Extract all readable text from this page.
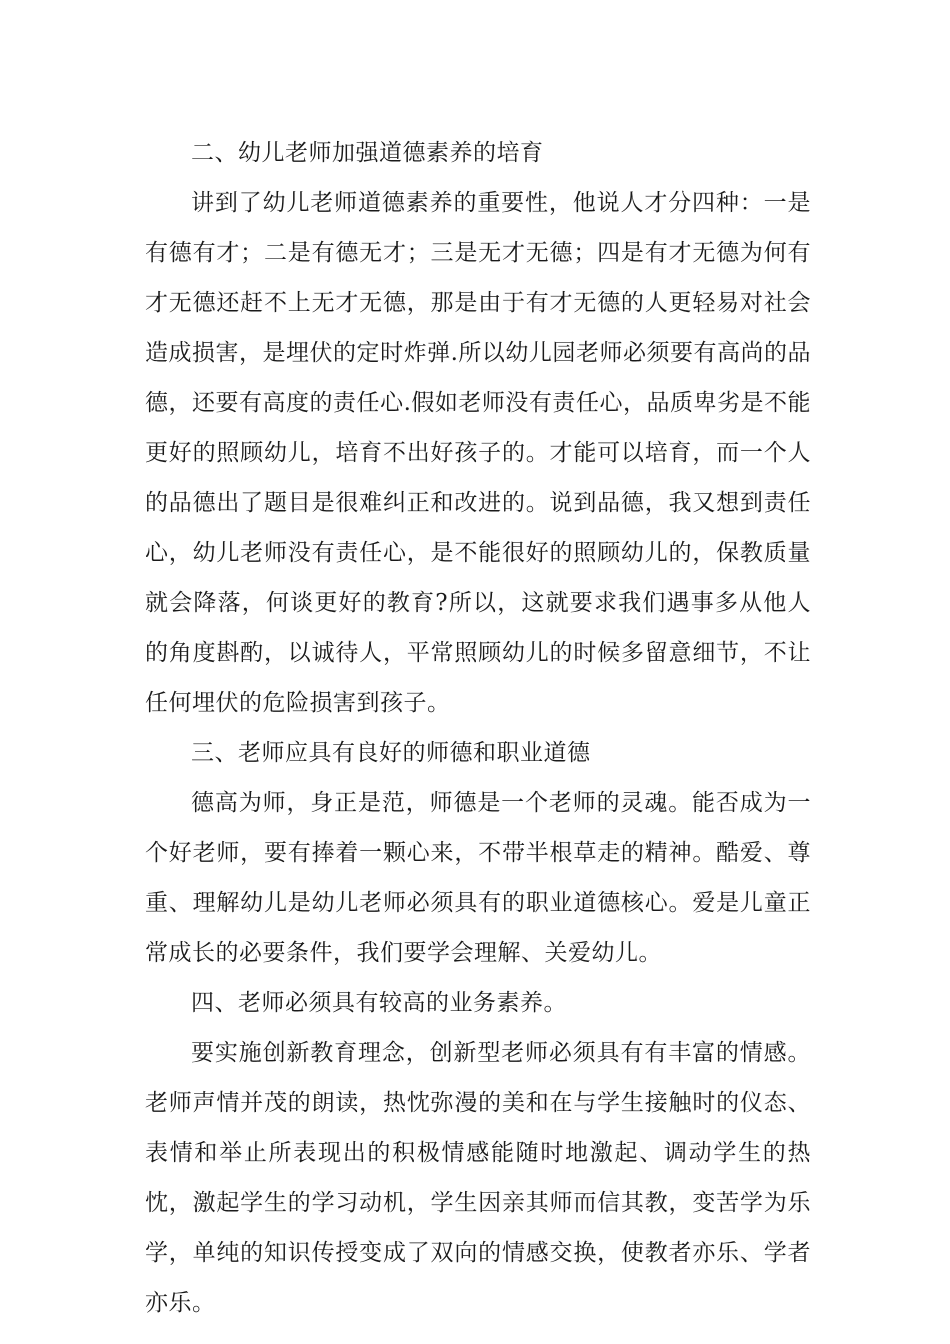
二、幼儿老师加强道德素养的培育

讲到了幼儿老师道德素养的重要性，他说人才分四种：一是有德有才；二是有德无才；三是无才无德；四是有才无德为何有才无德还赶不上无才无德，那是由于有才无德的人更轻易对社会造成损害，是埋伏的定时炸弹.所以幼儿园老师必须要有高尚的品德，还要有高度的责任心.假如老师没有责任心，品质卑劣是不能更好的照顾幼儿，培育不出好孩子的。才能可以培育，而一个人的品德出了题目是很难纠正和改进的。说到品德，我又想到责任心，幼儿老师没有责任心，是不能很好的照顾幼儿的，保教质量就会降落，何谈更好的教育?所以，这就要求我们遇事多从他人的角度斟酌，以诚待人，平常照顾幼儿的时候多留意细节，不让任何埋伏的危险损害到孩子。

三、老师应具有良好的师德和职业道德

德高为师，身正是范，师德是一个老师的灵魂。能否成为一个好老师，要有捧着一颗心来，不带半根草走的精神。酷爱、尊重、理解幼儿是幼儿老师必须具有的职业道德核心。爱是儿童正常成长的必要条件，我们要学会理解、关爱幼儿。

四、老师必须具有较高的业务素养。

要实施创新教育理念，创新型老师必须具有有丰富的情感。老师声情并茂的朗读，热忱弥漫的美和在与学生接触时的仪态、表情和举止所表现出的积极情感能随时地激起、调动学生的热忱，激起学生的学习动机，学生因亲其师而信其教，变苦学为乐学，单纯的知识传授变成了双向的情感交换，使教者亦乐、学者亦乐。
